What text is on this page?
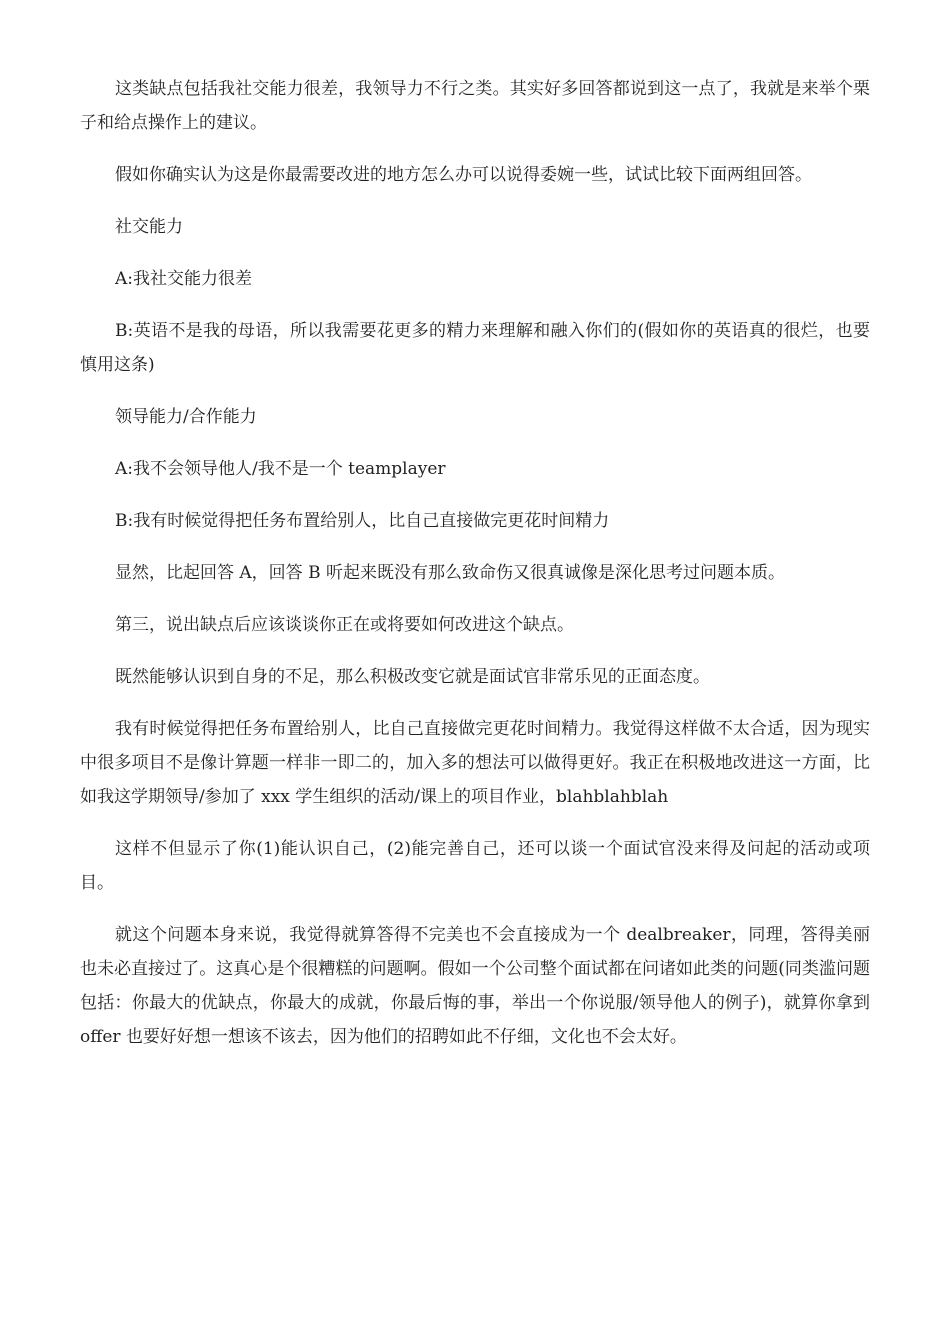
这类缺点包括我社交能力很差，我领导力不行之类。其实好多回答都说到这一点了，我就是来举个栗子和给点操作上的建议。

假如你确实认为这是你最需要改进的地方怎么办可以说得委婉一些，试试比较下面两组回答。

社交能力

A:我社交能力很差

B:英语不是我的母语，所以我需要花更多的精力来理解和融入你们的(假如你的英语真的很烂，也要慎用这条)

领导能力/合作能力

A:我不会领导他人/我不是一个 teamplayer

B:我有时候觉得把任务布置给别人，比自己直接做完更花时间精力

显然，比起回答 A，回答 B 听起来既没有那么致命伤又很真诚像是深化思考过问题本质。

第三，说出缺点后应该谈谈你正在或将要如何改进这个缺点。

既然能够认识到自身的不足，那么积极改变它就是面试官非常乐见的正面态度。

我有时候觉得把任务布置给别人，比自己直接做完更花时间精力。我觉得这样做不太合适，因为现实中很多项目不是像计算题一样非一即二的，加入多的想法可以做得更好。我正在积极地改进这一方面，比如我这学期领导/参加了 xxx 学生组织的活动/课上的项目作业，blahblahblah

这样不但显示了你(1)能认识自己，(2)能完善自己，还可以谈一个面试官没来得及问起的活动或项目。

就这个问题本身来说，我觉得就算答得不完美也不会直接成为一个 dealbreaker，同理，答得美丽也未必直接过了。这真心是个很糟糕的问题啊。假如一个公司整个面试都在问诸如此类的问题(同类滥问题包括：你最大的优缺点，你最大的成就，你最后悔的事，举出一个你说服/领导他人的例子)，就算你拿到 offer 也要好好想一想该不该去，因为他们的招聘如此不仔细，文化也不会太好。
